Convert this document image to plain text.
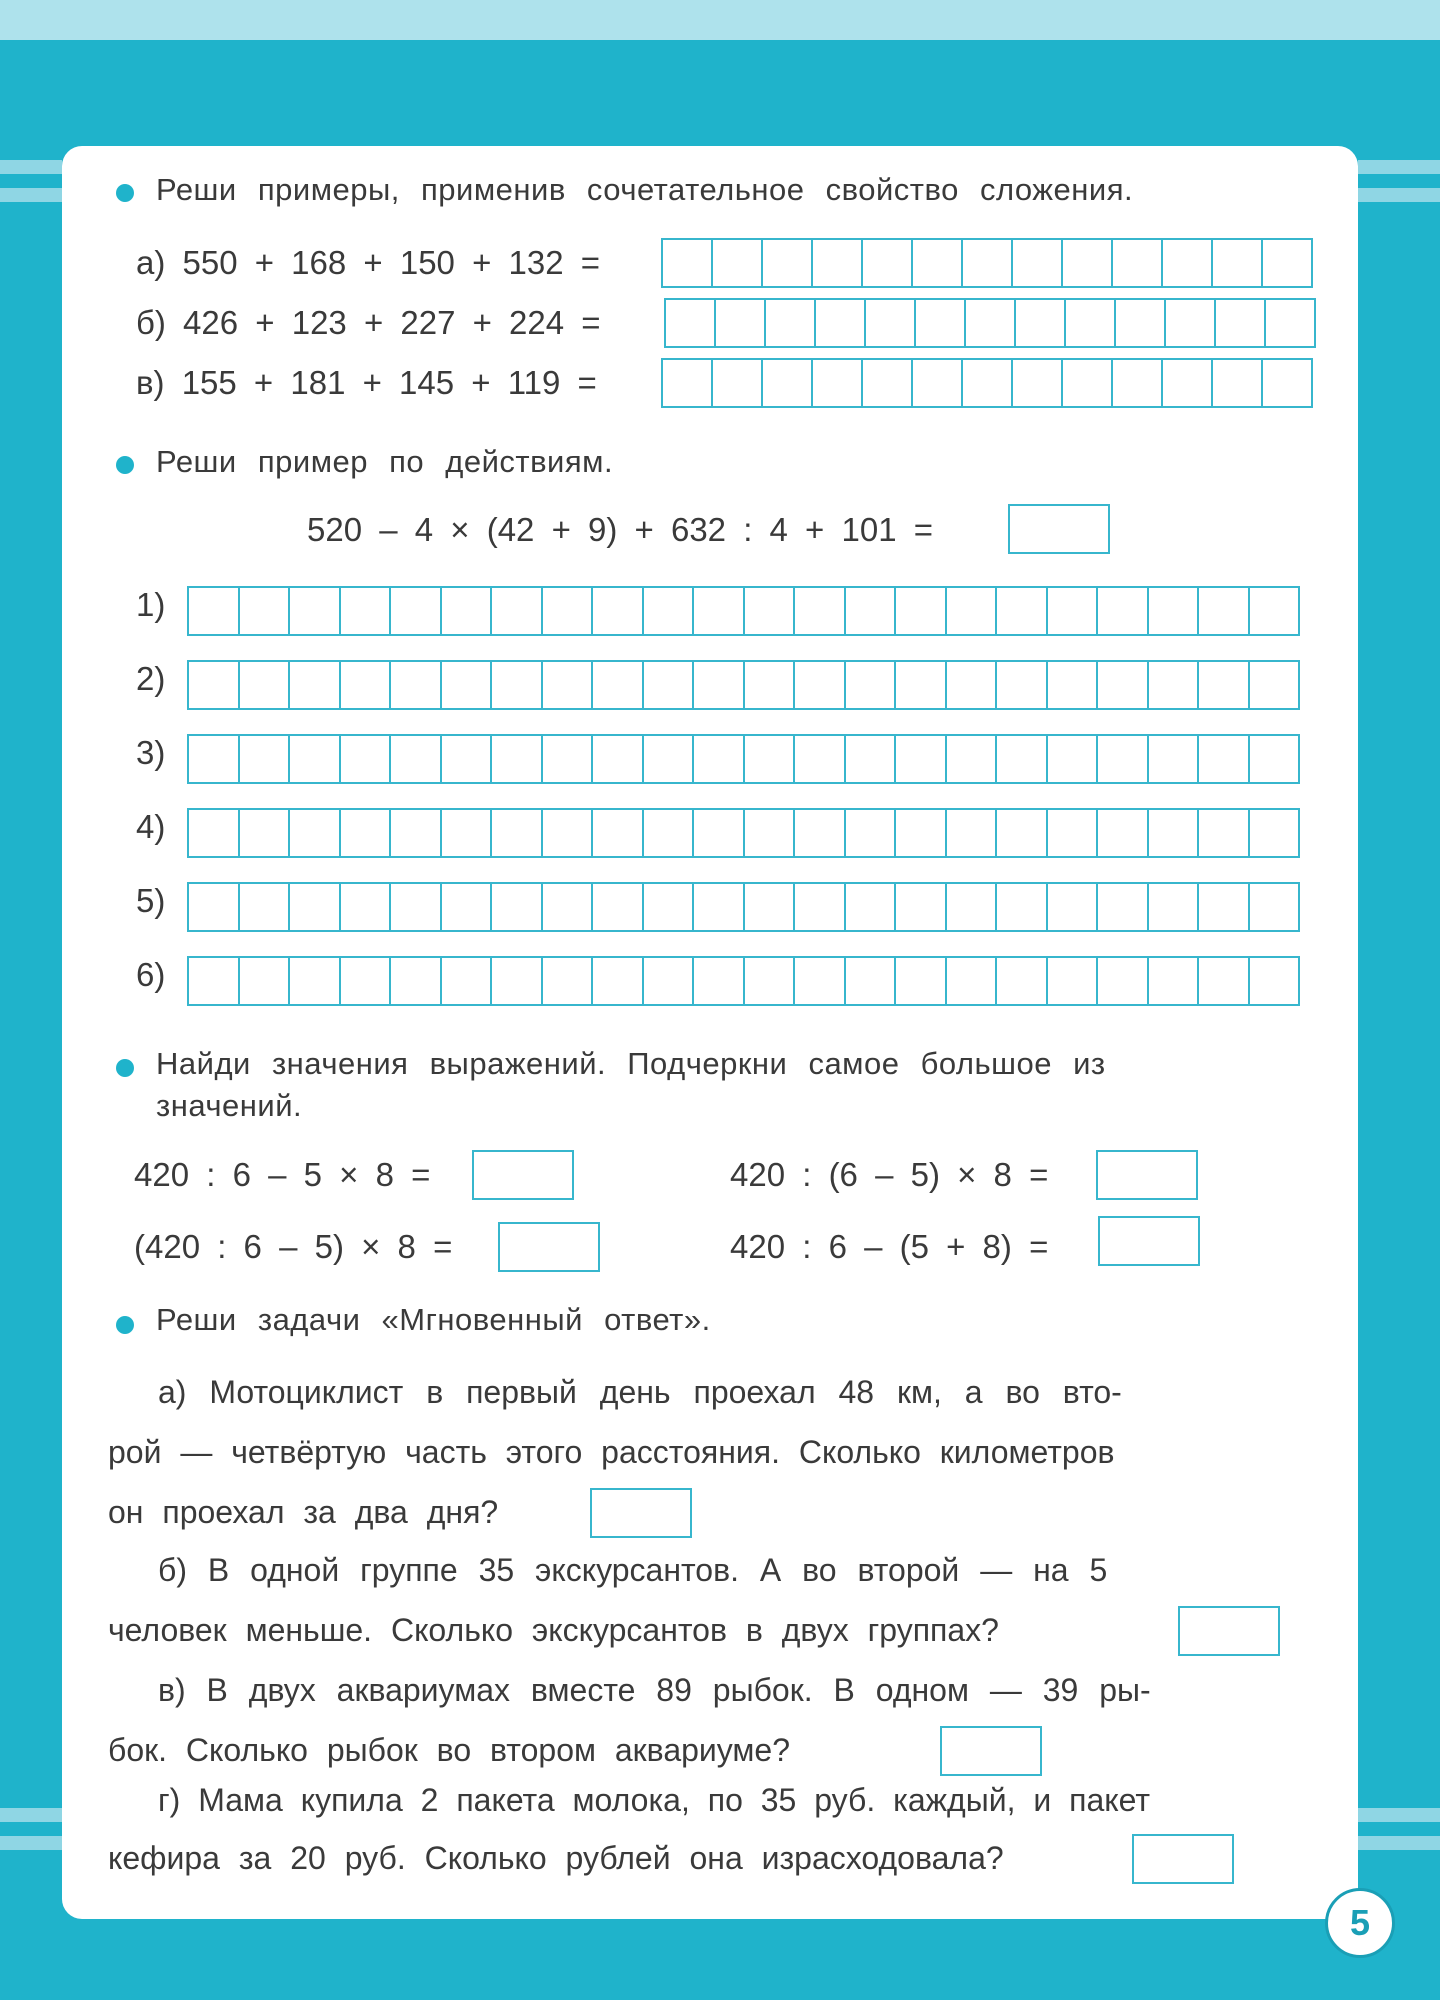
Реши примеры, применив сочетательное свойство сложения.
а) 550 + 168 + 150 + 132 =
б) 426 + 123 + 227 + 224 =
в) 155 + 181 + 145 + 119 =
Реши пример по действиям.
520 – 4 × (42 + 9) + 632 : 4 + 101 =
1)
2)
3)
4)
5)
6)
Найди значения выражений. Подчеркни самое большое из
значений.
420 : 6 – 5 × 8 =	420 : (6 – 5) × 8 =
(420 : 6 – 5) × 8 =	420 : 6 – (5 + 8) =
Реши задачи «Мгновенный ответ».
а) Мотоциклист в первый день проехал 48 км, а во вто-
рой — четвёртую часть этого расстояния. Сколько километров
он проехал за два дня?
б) В одной группе 35 экскурсантов. А во второй — на 5
человек меньше. Сколько экскурсантов в двух группах?
в) В двух аквариумах вместе 89 рыбок. В одном — 39 ры-
бок. Сколько рыбок во втором аквариуме?
г) Мама купила 2 пакета молока, по 35 руб. каждый, и пакет
кефира за 20 руб. Сколько рублей она израсходовала?
5
